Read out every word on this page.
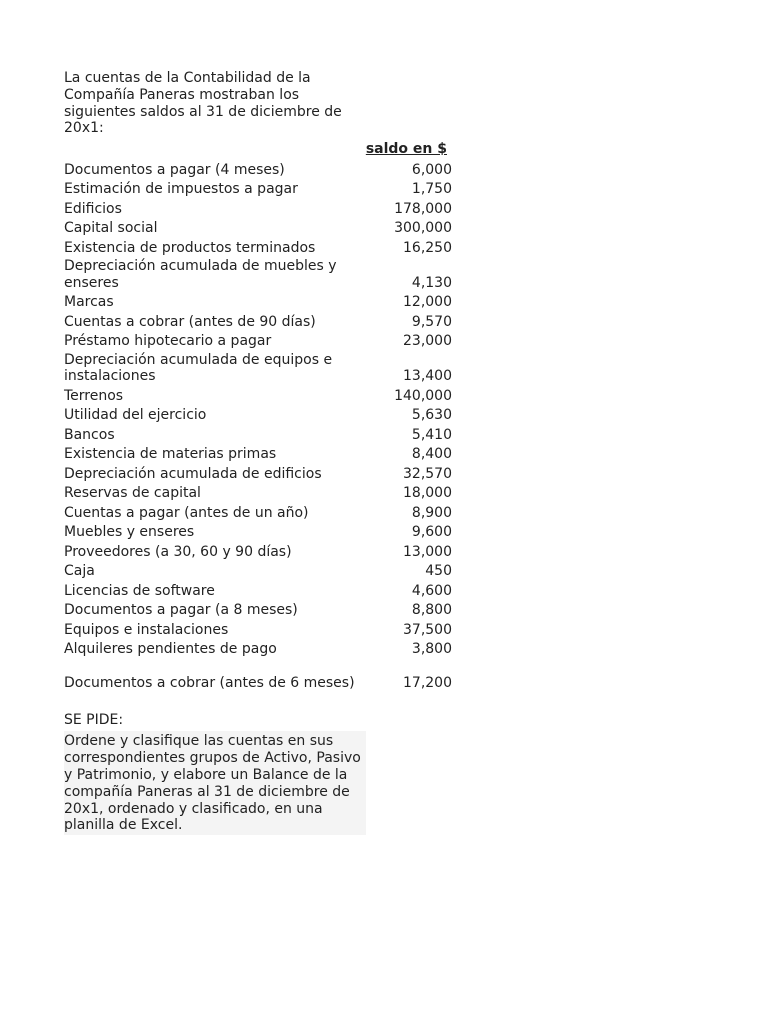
La cuentas de la Contabilidad de la Compañía Paneras mostraban los siguientes saldos al 31 de diciembre de 20x1:

saldo en $
Documentos a pagar (4 meses)	6,000
Estimación de impuestos a pagar	1,750
Edificios	178,000
Capital social	300,000
Existencia de productos terminados	16,250
Depreciación acumulada de muebles y enseres	4,130
Marcas	12,000
Cuentas a cobrar (antes de 90 días)	9,570
Préstamo hipotecario a pagar	23,000
Depreciación acumulada de equipos e instalaciones	13,400
Terrenos	140,000
Utilidad del ejercicio	5,630
Bancos	5,410
Existencia de materias primas	8,400
Depreciación acumulada de edificios	32,570
Reservas de capital	18,000
Cuentas a pagar (antes de un año)	8,900
Muebles y enseres	9,600
Proveedores (a 30, 60 y 90 días)	13,000
Caja	450
Licencias de software	4,600
Documentos a pagar (a 8 meses)	8,800
Equipos e instalaciones	37,500
Alquileres pendientes de pago	3,800
Documentos a cobrar (antes de 6 meses)	17,200

SE PIDE:

Ordene y clasifique las cuentas en sus correspondientes grupos de Activo, Pasivo y Patrimonio, y elabore un Balance de la compañía Paneras al 31 de diciembre de 20x1, ordenado y clasificado, en una planilla de Excel.
